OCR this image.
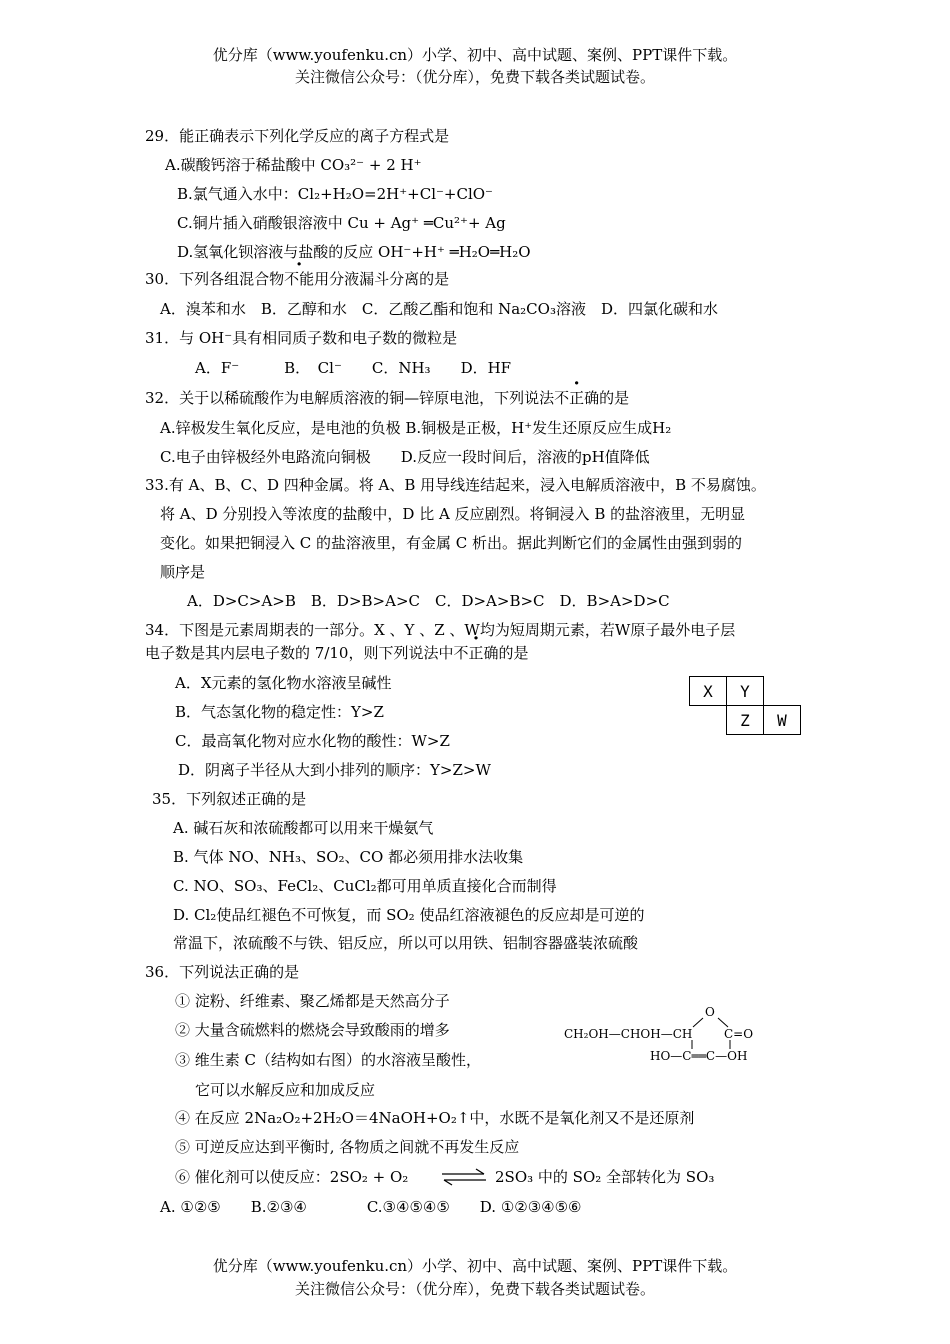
优分库（www.youfenku.cn）小学、初中、高中试题、案例、PPT课件下载。
关注微信公众号：（优分库），免费下载各类试题试卷。
29．能正确表示下列化学反应的离子方程式是
A.碳酸钙溶于稀盐酸中 CO₃²⁻ + 2 H⁺
B.氯气通入水中：Cl₂+H₂O=2H⁺+Cl⁻+ClO⁻
C.铜片插入硝酸银溶液中 Cu + Ag⁺ ═Cu²⁺+ Ag
D.氢氧化钡溶液与盐酸的反应 OH⁻+H⁺ ═H₂O═H₂O
30．下列各组混合物不能用分液漏斗分离的是
A．溴苯和水　B．乙醇和水　C．乙酸乙酯和饱和 Na₂CO₃溶液　D．四氯化碳和水
31．与 OH⁻具有相同质子数和电子数的微粒是
A．F⁻　　　B．　Cl⁻　　C．NH₃　　D．HF
32．关于以稀硫酸作为电解质溶液的铜—锌原电池，下列说法不正确的是
A.锌极发生氧化反应，是电池的负极 B.铜极是正极，H⁺发生还原反应生成H₂
C.电子由锌极经外电路流向铜极　　D.反应一段时间后，溶液的pH值降低
33.有 A、B、C、D 四种金属。将 A、B 用导线连结起来，浸入电解质溶液中，B 不易腐蚀。
将 A、D 分别投入等浓度的盐酸中，D 比 A 反应剧烈。将铜浸入 B 的盐溶液里，无明显
变化。如果把铜浸入 C 的盐溶液里，有金属 C 析出。据此判断它们的金属性由强到弱的
顺序是
A．D>C>A>B　B．D>B>A>C　C．D>A>B>C　D．B>A>D>C
34．下图是元素周期表的一部分。X 、Y 、Z 、W均为短周期元素，若W原子最外电子层
电子数是其内层电子数的 7/10，则下列说法中不正确的是
A．X元素的氢化物水溶液呈碱性
B．气态氢化物的稳定性：Y>Z
C．最高氧化物对应水化物的酸性：W>Z
D．阴离子半径从大到小排列的顺序：Y>Z>W
X	Y	
	Z	W
35．下列叙述正确的是
A. 碱石灰和浓硫酸都可以用来干燥氨气
B. 气体 NO、NH₃、SO₂、CO 都必须用排水法收集
C. NO、SO₃、FeCl₂、CuCl₂都可用单质直接化合而制得
D. Cl₂使品红褪色不可恢复，而 SO₂ 使品红溶液褪色的反应却是可逆的
常温下，浓硫酸不与铁、铝反应，所以可以用铁、铝制容器盛装浓硫酸
36．下列说法正确的是
① 淀粉、纤维素、聚乙烯都是天然高分子
② 大量含硫燃料的燃烧会导致酸雨的增多
③ 维生素 C（结构如右图）的水溶液呈酸性，
它可以水解反应和加成反应
④ 在反应 2Na₂O₂+2H₂O＝4NaOH+O₂↑中，水既不是氧化剂又不是还原剂
⑤ 可逆反应达到平衡时, 各物质之间就不再发生反应
⑥ 催化剂可以使反应：2SO₂ + O₂ ⇌ 2SO₃ 中的 SO₂ 全部转化为 SO₃
A. ①②⑤　　B.②③④　　　　C.③④⑤④⑤　　D. ①②③④⑤⑥
O
CH₂OH—CHOH—CH	C=O
HO—C══C—OH
优分库（www.youfenku.cn）小学、初中、高中试题、案例、PPT课件下载。
关注微信公众号：（优分库），免费下载各类试题试卷。
